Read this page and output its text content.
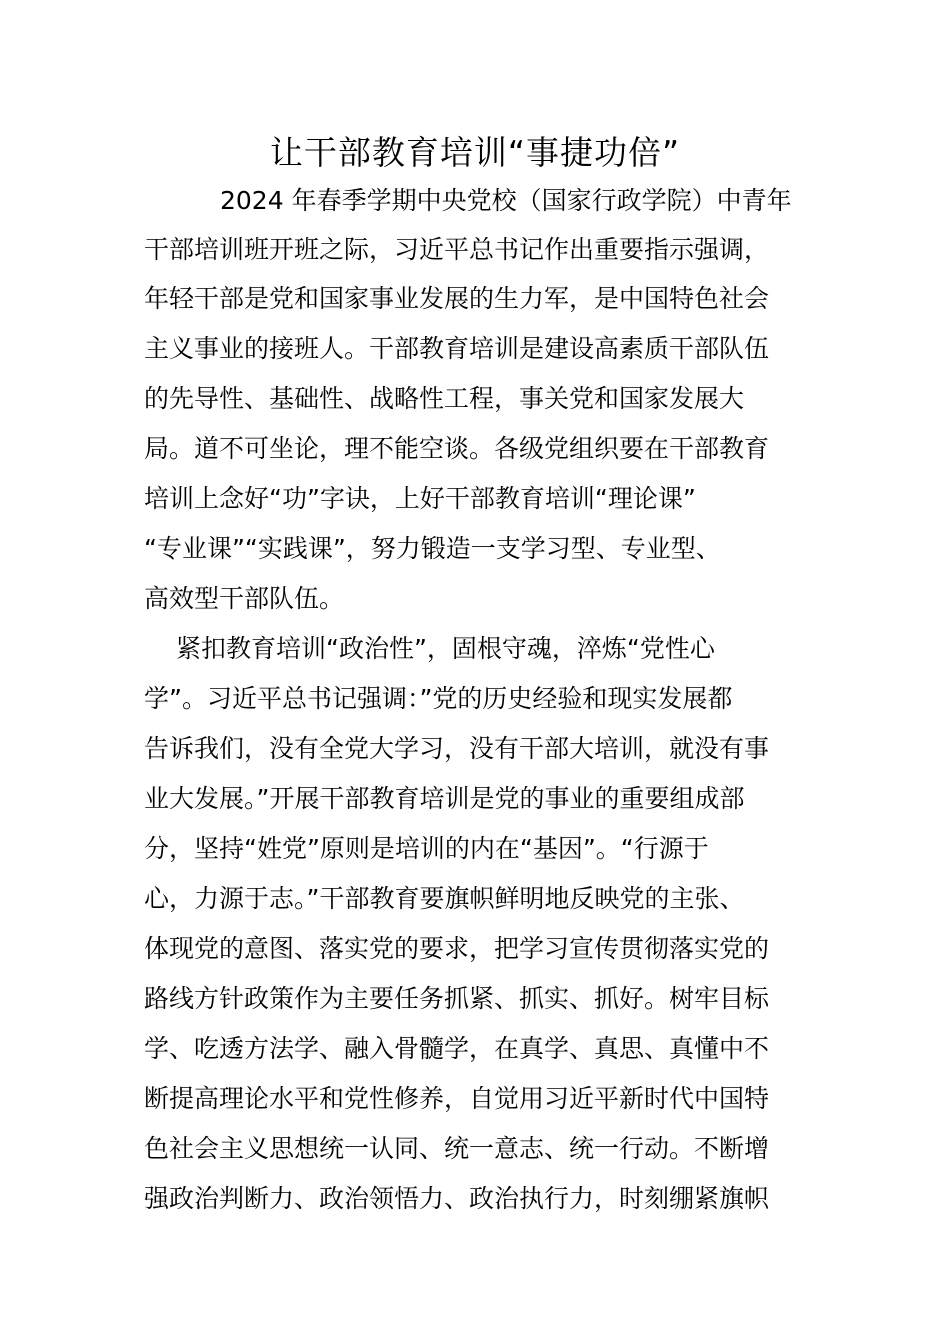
让干部教育培训“事捷功倍”
2024 年春季学期中央党校（国家行政学院）中青年
干部培训班开班之际，习近平总书记作出重要指示强调，
年轻干部是党和国家事业发展的生力军，是中国特色社会
主义事业的接班人。干部教育培训是建设高素质干部队伍
的先导性、基础性、战略性工程，事关党和国家发展大
局。道不可坐论，理不能空谈。各级党组织要在干部教育
培训上念好“功”字诀，上好干部教育培训“理论课”
“专业课”“实践课”，努力锻造一支学习型、专业型、
高效型干部队伍。
紧扣教育培训“政治性”，固根守魂，淬炼“党性心
学”。习近平总书记强调：”党的历史经验和现实发展都
告诉我们，没有全党大学习，没有干部大培训，就没有事
业大发展。”开展干部教育培训是党的事业的重要组成部
分，坚持“姓党”原则是培训的内在“基因”。“行源于
心，力源于志。”干部教育要旗帜鲜明地反映党的主张、
体现党的意图、落实党的要求，把学习宣传贯彻落实党的
路线方针政策作为主要任务抓紧、抓实、抓好。树牢目标
学、吃透方法学、融入骨髓学，在真学、真思、真懂中不
断提高理论水平和党性修养，自觉用习近平新时代中国特
色社会主义思想统一认同、统一意志、统一行动。不断增
强政治判断力、政治领悟力、政治执行力，时刻绷紧旗帜
